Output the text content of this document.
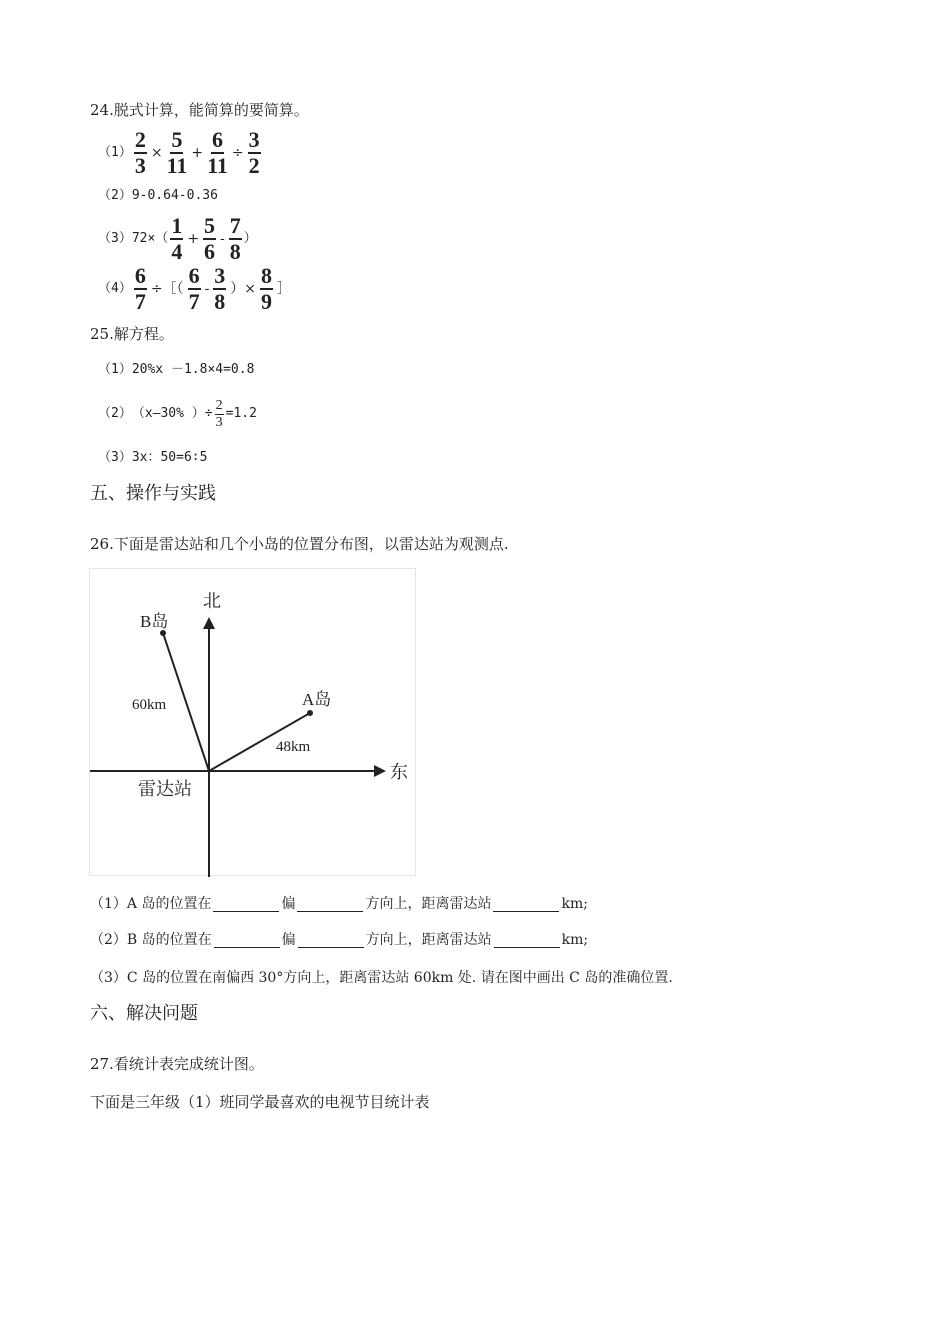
24.脱式计算，能简算的要简算。
$(1) \frac{2}{3} \times \frac{5}{11} + \frac{6}{11} \div \frac{3}{2}$
（2） 9-0.64-0.36
（3） $72\times( \frac{1}{4} + \frac{5}{6} - \frac{7}{8}$ ）
$(4) \frac{6}{7}$ ÷［（ $\frac{6}{7} - \frac{3}{8}$ ）× $\frac{8}{9}$ ］
25.解方程。
（1） 20%x －1.8×4=0.8
（2） （x—30% ）÷ $\frac{2}{3} =1.2$
（3） 3x：50=6∶5
五、操作与实践
26.下面是雷达站和几个小岛的位置分布图，以雷达站为观测点.
北
东
雷达站
B岛
A岛
60km
48km
（1）A 岛的位置在	偏	方向上，距离雷达站	km;
（2）B 岛的位置在	偏	方向上，距离雷达站	km;
（3）C 岛的位置在南偏西 30°方向上，距离雷达站 60km 处. 请在图中画出 C 岛的准确位置.
六、解决问题
27.看统计表完成统计图。
下面是三年级（1）班同学最喜欢的电视节目统计表
